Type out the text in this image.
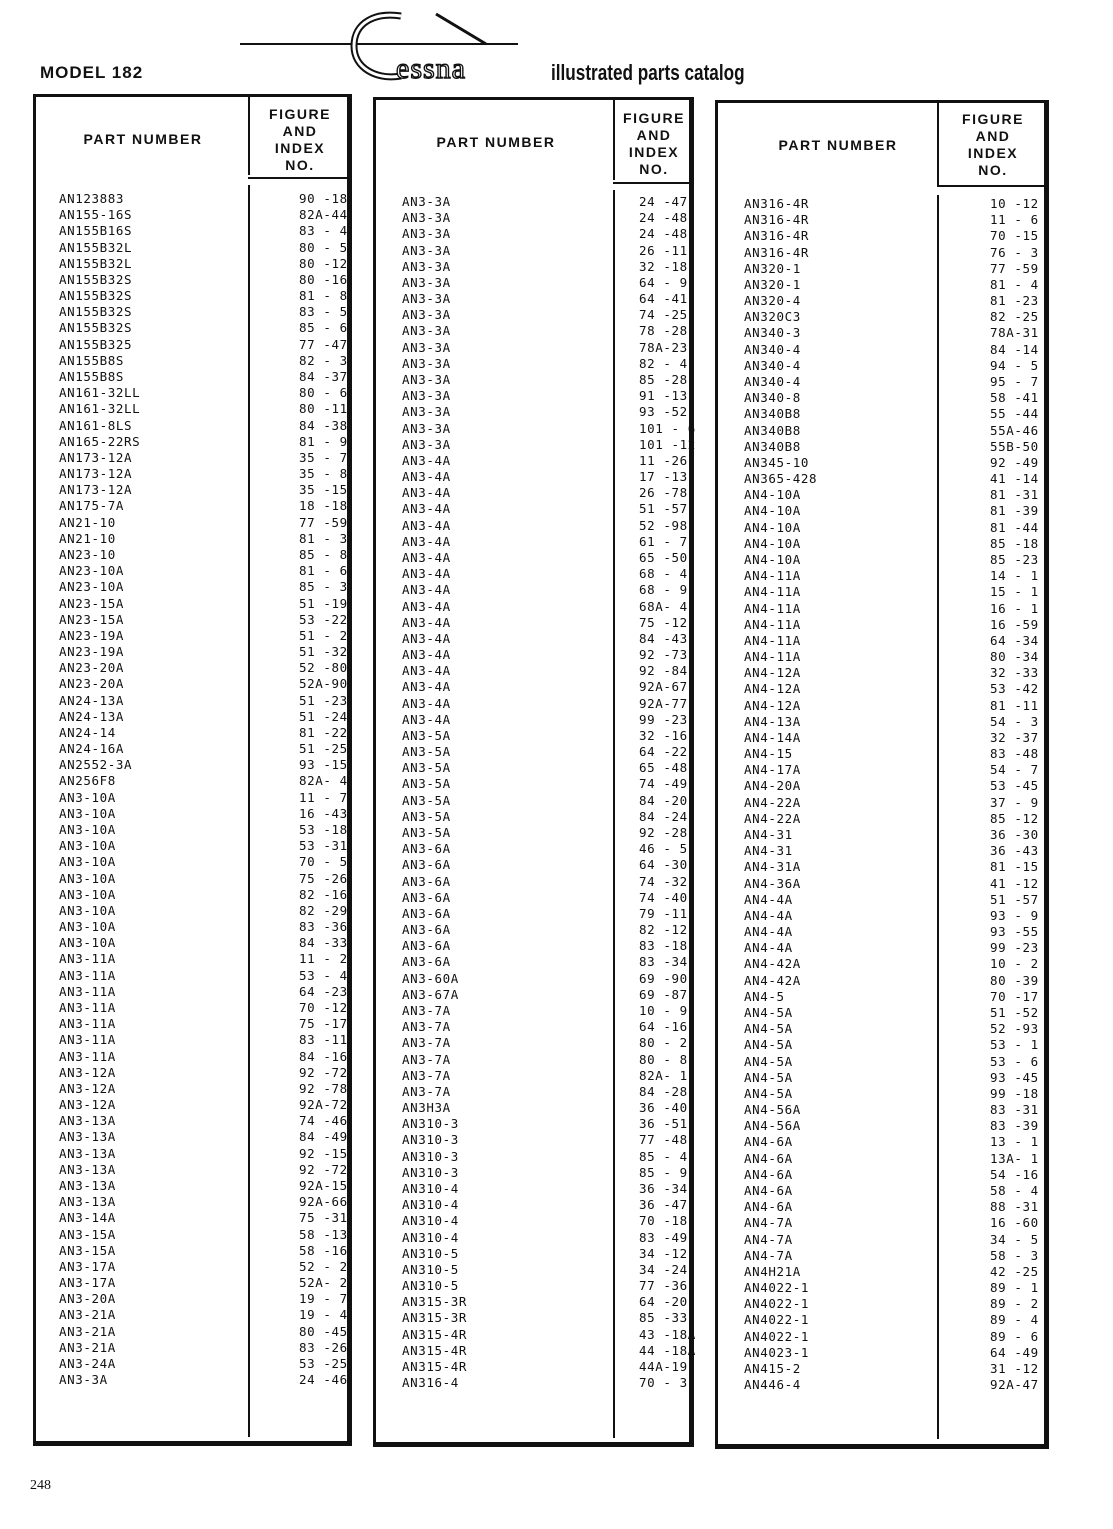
MODEL 182	essna	illustrated parts catalog
PART NUMBER
FIGURE
AND
INDEX
NO.
AN123883	90 -18
AN155-16S	82A-44
AN155B16S	83 - 4
AN155B32L	80 - 5
AN155B32L	80 -12
AN155B32S	80 -16
AN155B32S	81 - 8
AN155B32S	83 - 5
AN155B32S	85 - 6
AN155B325	77 -47
AN155B8S	82 - 3
AN155B8S	84 -37
AN161-32LL	80 - 6
AN161-32LL	80 -11
AN161-8LS	84 -38
AN165-22RS	81 - 9
AN173-12A	35 - 7
AN173-12A	35 - 8
AN173-12A	35 -15
AN175-7A	18 -18
AN21-10	77 -59
AN21-10	81 - 3
AN23-10	85 - 8
AN23-10A	81 - 6
AN23-10A	85 - 3
AN23-15A	51 -19
AN23-15A	53 -22
AN23-19A	51 - 2
AN23-19A	51 -32
AN23-20A	52 -80
AN23-20A	52A-90
AN24-13A	51 -23
AN24-13A	51 -24
AN24-14	81 -22
AN24-16A	51 -25
AN2552-3A	93 -15
AN256F8	82A- 4
AN3-10A	11 - 7
AN3-10A	16 -43
AN3-10A	53 -18
AN3-10A	53 -31
AN3-10A	70 - 5
AN3-10A	75 -26
AN3-10A	82 -16
AN3-10A	82 -29
AN3-10A	83 -36
AN3-10A	84 -33
AN3-11A	11 - 2
AN3-11A	53 - 4
AN3-11A	64 -23
AN3-11A	70 -12
AN3-11A	75 -17
AN3-11A	83 -11
AN3-11A	84 -16
AN3-12A	92 -72
AN3-12A	92 -78
AN3-12A	92A-72
AN3-13A	74 -46
AN3-13A	84 -49
AN3-13A	92 -15
AN3-13A	92 -72
AN3-13A	92A-15
AN3-13A	92A-66
AN3-14A	75 -31
AN3-15A	58 -13
AN3-15A	58 -16
AN3-17A	52 - 2
AN3-17A	52A- 2
AN3-20A	19 - 7
AN3-21A	19 - 4
AN3-21A	80 -45
AN3-21A	83 -26
AN3-24A	53 -25
AN3-3A	24 -46
PART NUMBER
FIGURE
AND
INDEX
NO.
AN3-3A	24 -47
AN3-3A	24 -48
AN3-3A	24 -48
AN3-3A	26 -11
AN3-3A	32 -18
AN3-3A	64 - 9
AN3-3A	64 -41
AN3-3A	74 -25
AN3-3A	78 -28
AN3-3A	78A-23
AN3-3A	82 - 4
AN3-3A	85 -28
AN3-3A	91 -13
AN3-3A	93 -52
AN3-3A	101 - 6
AN3-3A	101 -12
AN3-4A	11 -26
AN3-4A	17 -13
AN3-4A	26 -78
AN3-4A	51 -57
AN3-4A	52 -98
AN3-4A	61 - 7
AN3-4A	65 -50
AN3-4A	68 - 4
AN3-4A	68 - 9
AN3-4A	68A- 4
AN3-4A	75 -12
AN3-4A	84 -43
AN3-4A	92 -73
AN3-4A	92 -84
AN3-4A	92A-67
AN3-4A	92A-77
AN3-4A	99 -23
AN3-5A	32 -16
AN3-5A	64 -22
AN3-5A	65 -48
AN3-5A	74 -49
AN3-5A	84 -20
AN3-5A	84 -24
AN3-5A	92 -28
AN3-6A	46 - 5
AN3-6A	64 -30
AN3-6A	74 -32
AN3-6A	74 -40
AN3-6A	79 -11
AN3-6A	82 -12
AN3-6A	83 -18
AN3-6A	83 -34
AN3-60A	69 -90
AN3-67A	69 -87
AN3-7A	10 - 9
AN3-7A	64 -16
AN3-7A	80 - 2
AN3-7A	80 - 8
AN3-7A	82A- 1
AN3-7A	84 -28
AN3H3A	36 -40
AN310-3	36 -51
AN310-3	77 -48
AN310-3	85 - 4
AN310-3	85 - 9
AN310-4	36 -34
AN310-4	36 -47
AN310-4	70 -18
AN310-4	83 -49
AN310-5	34 -12
AN310-5	34 -24
AN310-5	77 -36
AN315-3R	64 -20
AN315-3R	85 -33
AN315-4R	43 -18A
AN315-4R	44 -18A
AN315-4R	44A-19
AN316-4	70 - 3
PART NUMBER
FIGURE
AND
INDEX
NO.
AN316-4R	10 -12
AN316-4R	11 - 6
AN316-4R	70 -15
AN316-4R	76 - 3
AN320-1	77 -59
AN320-1	81 - 4
AN320-4	81 -23
AN320C3	82 -25
AN340-3	78A-31
AN340-4	84 -14
AN340-4	94 - 5
AN340-4	95 - 7
AN340-8	58 -41
AN340B8	55 -44
AN340B8	55A-46
AN340B8	55B-50
AN345-10	92 -49
AN365-428	41 -14
AN4-10A	81 -31
AN4-10A	81 -39
AN4-10A	81 -44
AN4-10A	85 -18
AN4-10A	85 -23
AN4-11A	14 - 1
AN4-11A	15 - 1
AN4-11A	16 - 1
AN4-11A	16 -59
AN4-11A	64 -34
AN4-11A	80 -34
AN4-12A	32 -33
AN4-12A	53 -42
AN4-12A	81 -11
AN4-13A	54 - 3
AN4-14A	32 -37
AN4-15	83 -48
AN4-17A	54 - 7
AN4-20A	53 -45
AN4-22A	37 - 9
AN4-22A	85 -12
AN4-31	36 -30
AN4-31	36 -43
AN4-31A	81 -15
AN4-36A	41 -12
AN4-4A	51 -57
AN4-4A	93 - 9
AN4-4A	93 -55
AN4-4A	99 -23
AN4-42A	10 - 2
AN4-42A	80 -39
AN4-5	70 -17
AN4-5A	51 -52
AN4-5A	52 -93
AN4-5A	53 - 1
AN4-5A	53 - 6
AN4-5A	93 -45
AN4-5A	99 -18
AN4-56A	83 -31
AN4-56A	83 -39
AN4-6A	13 - 1
AN4-6A	13A- 1
AN4-6A	54 -16
AN4-6A	58 - 4
AN4-6A	88 -31
AN4-7A	16 -60
AN4-7A	34 - 5
AN4-7A	58 - 3
AN4H21A	42 -25
AN4022-1	89 - 1
AN4022-1	89 - 2
AN4022-1	89 - 4
AN4022-1	89 - 6
AN4023-1	64 -49
AN415-2	31 -12
AN446-4	92A-47
248
